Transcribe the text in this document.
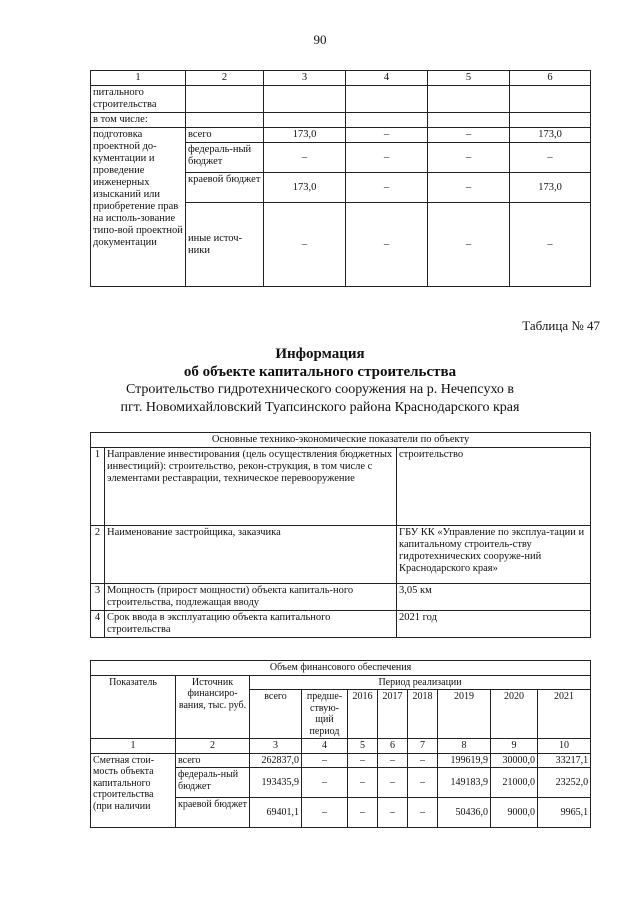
90
1	2	3	4	5	6
питального строительства					
в том числе:					
подготовка проектной до-кументации и проведение инженерных изысканий или приобретение прав на исполь-зование типо-вой проектной документации	всего	173,0	–	–	173,0
	федераль-ный бюджет	–	–	–	–
	краевой бюджет	173,0	–	–	173,0
	иные источ-ники	–	–	–	–
Таблица № 47
Информация
об объекте капитального строительства
Строительство гидротехнического сооружения на р. Нечепсухо в
пгт. Новомихайловский Туапсинского района Краснодарского края
Основные технико-экономические показатели по объекту		
1	Направление инвестирования (цель осуществления бюджетных инвестиций): строительство, рекон-струкция, в том числе с элементами реставрации, техническое перевооружение	строительство
2	Наименование застройщика, заказчика	ГБУ КК «Управление по эксплуа-тации и капитальному строитель-ству гидротехнических сооруже-ний Краснодарского края»
3	Мощность (прирост мощности) объекта капиталь-ного строительства, подлежащая вводу	3,05 км
4	Срок ввода в эксплуатацию объекта капитального строительства	2021 год
Объем финансового обеспечения									
Показатель	Источник финансиро-вания, тыс. руб.	Период реализации							
		всего	предше-ствую-щий период	2016	2017	2018	2019	2020	2021
1	2	3	4	5	6	7	8	9	10
Сметная стои-мость объекта капитального строительства (при наличии	всего	262837,0	–	–	–	–	199619,9	30000,0	33217,1
	федераль-ный бюджет	193435,9	–	–	–	–	149183,9	21000,0	23252,0
	краевой бюджет	69401,1	–	–	–	–	50436,0	9000,0	9965,1
